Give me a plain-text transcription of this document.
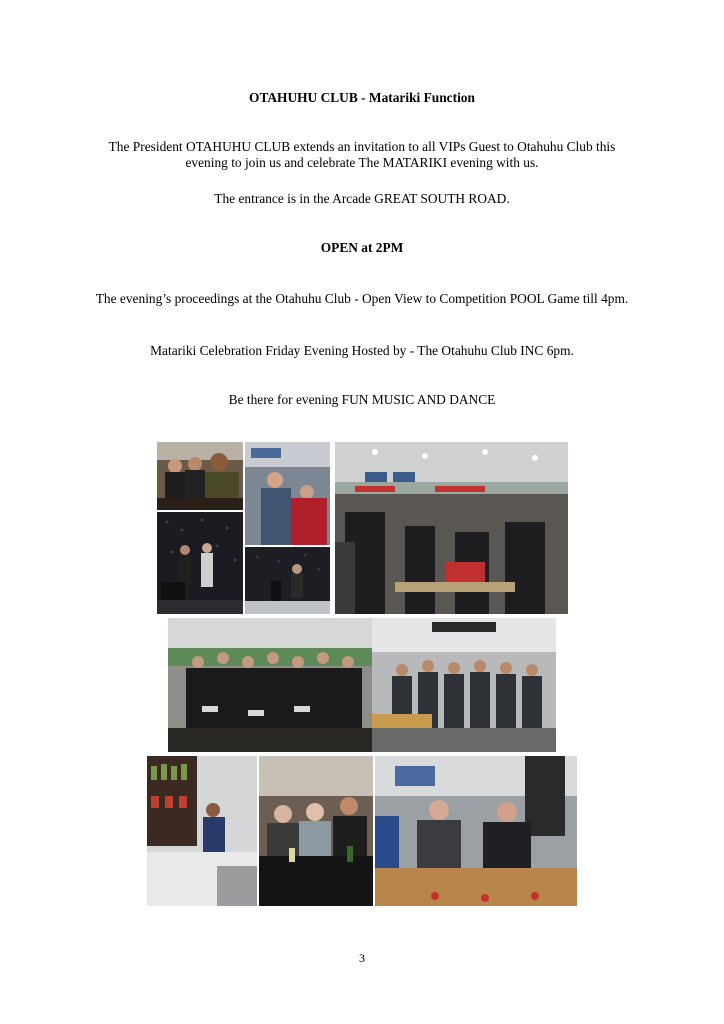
OTAHUHU CLUB - Matariki Function
The President OTAHUHU CLUB extends an invitation to all VIPs Guest to Otahuhu Club this evening to join us and celebrate The MATARIKI evening with us.
The entrance is in the Arcade GREAT SOUTH ROAD.
OPEN at 2PM
The evening’s proceedings at the Otahuhu Club - Open View to Competition POOL Game till 4pm.
Matariki Celebration Friday Evening Hosted by - The Otahuhu Club INC 6pm.
Be there for evening FUN MUSIC AND DANCE
3
